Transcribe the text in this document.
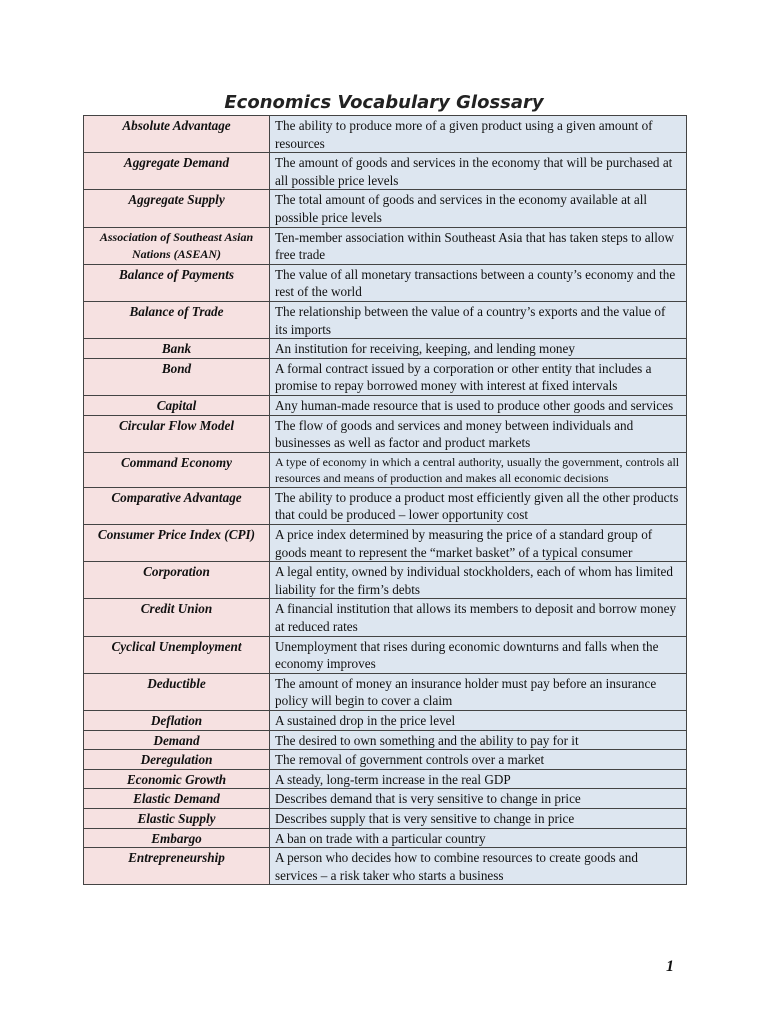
Economics Vocabulary Glossary
Absolute Advantage	The ability to produce more of a given product using a given amount of resources
Aggregate Demand	The amount of goods and services in the economy that will be purchased at all possible price levels
Aggregate Supply	The total amount of goods and services in the economy available at all possible price levels
Association of Southeast Asian Nations (ASEAN)	Ten-member association within Southeast Asia that has taken steps to allow free trade
Balance of Payments	The value of all monetary transactions between a county’s economy and the rest of the world
Balance of Trade	The relationship between the value of a country’s exports and the value of its imports
Bank	An institution for receiving, keeping, and lending money
Bond	A formal contract issued by a corporation or other entity that includes a promise to repay borrowed money with interest at fixed intervals
Capital	Any human-made resource that is used to produce other goods and services
Circular Flow Model	The flow of goods and services and money between individuals and businesses as well as factor and product markets
Command Economy	A type of economy in which a central authority, usually the government, controls all resources and means of production and makes all economic decisions
Comparative Advantage	The ability to produce a product most efficiently given all the other products that could be produced – lower opportunity cost
Consumer Price Index (CPI)	A price index determined by measuring the price of a standard group of goods meant to represent the “market basket” of a typical consumer
Corporation	A legal entity, owned by individual stockholders, each of whom has limited liability for the firm’s debts
Credit Union	A financial institution that allows its members to deposit and borrow money at reduced rates
Cyclical Unemployment	Unemployment that rises during economic downturns and falls when the economy improves
Deductible	The amount of money an insurance holder must pay before an insurance policy will begin to cover a claim
Deflation	A sustained drop in the price level
Demand	The desired to own something and the ability to pay for it
Deregulation	The removal of government controls over a market
Economic Growth	A steady, long-term increase in the real GDP
Elastic Demand	Describes demand that is very sensitive to change in price
Elastic Supply	Describes supply that is very sensitive to change in price
Embargo	A ban on trade with a particular country
Entrepreneurship	A person who decides how to combine resources to create goods and services – a risk taker who starts a business
1
